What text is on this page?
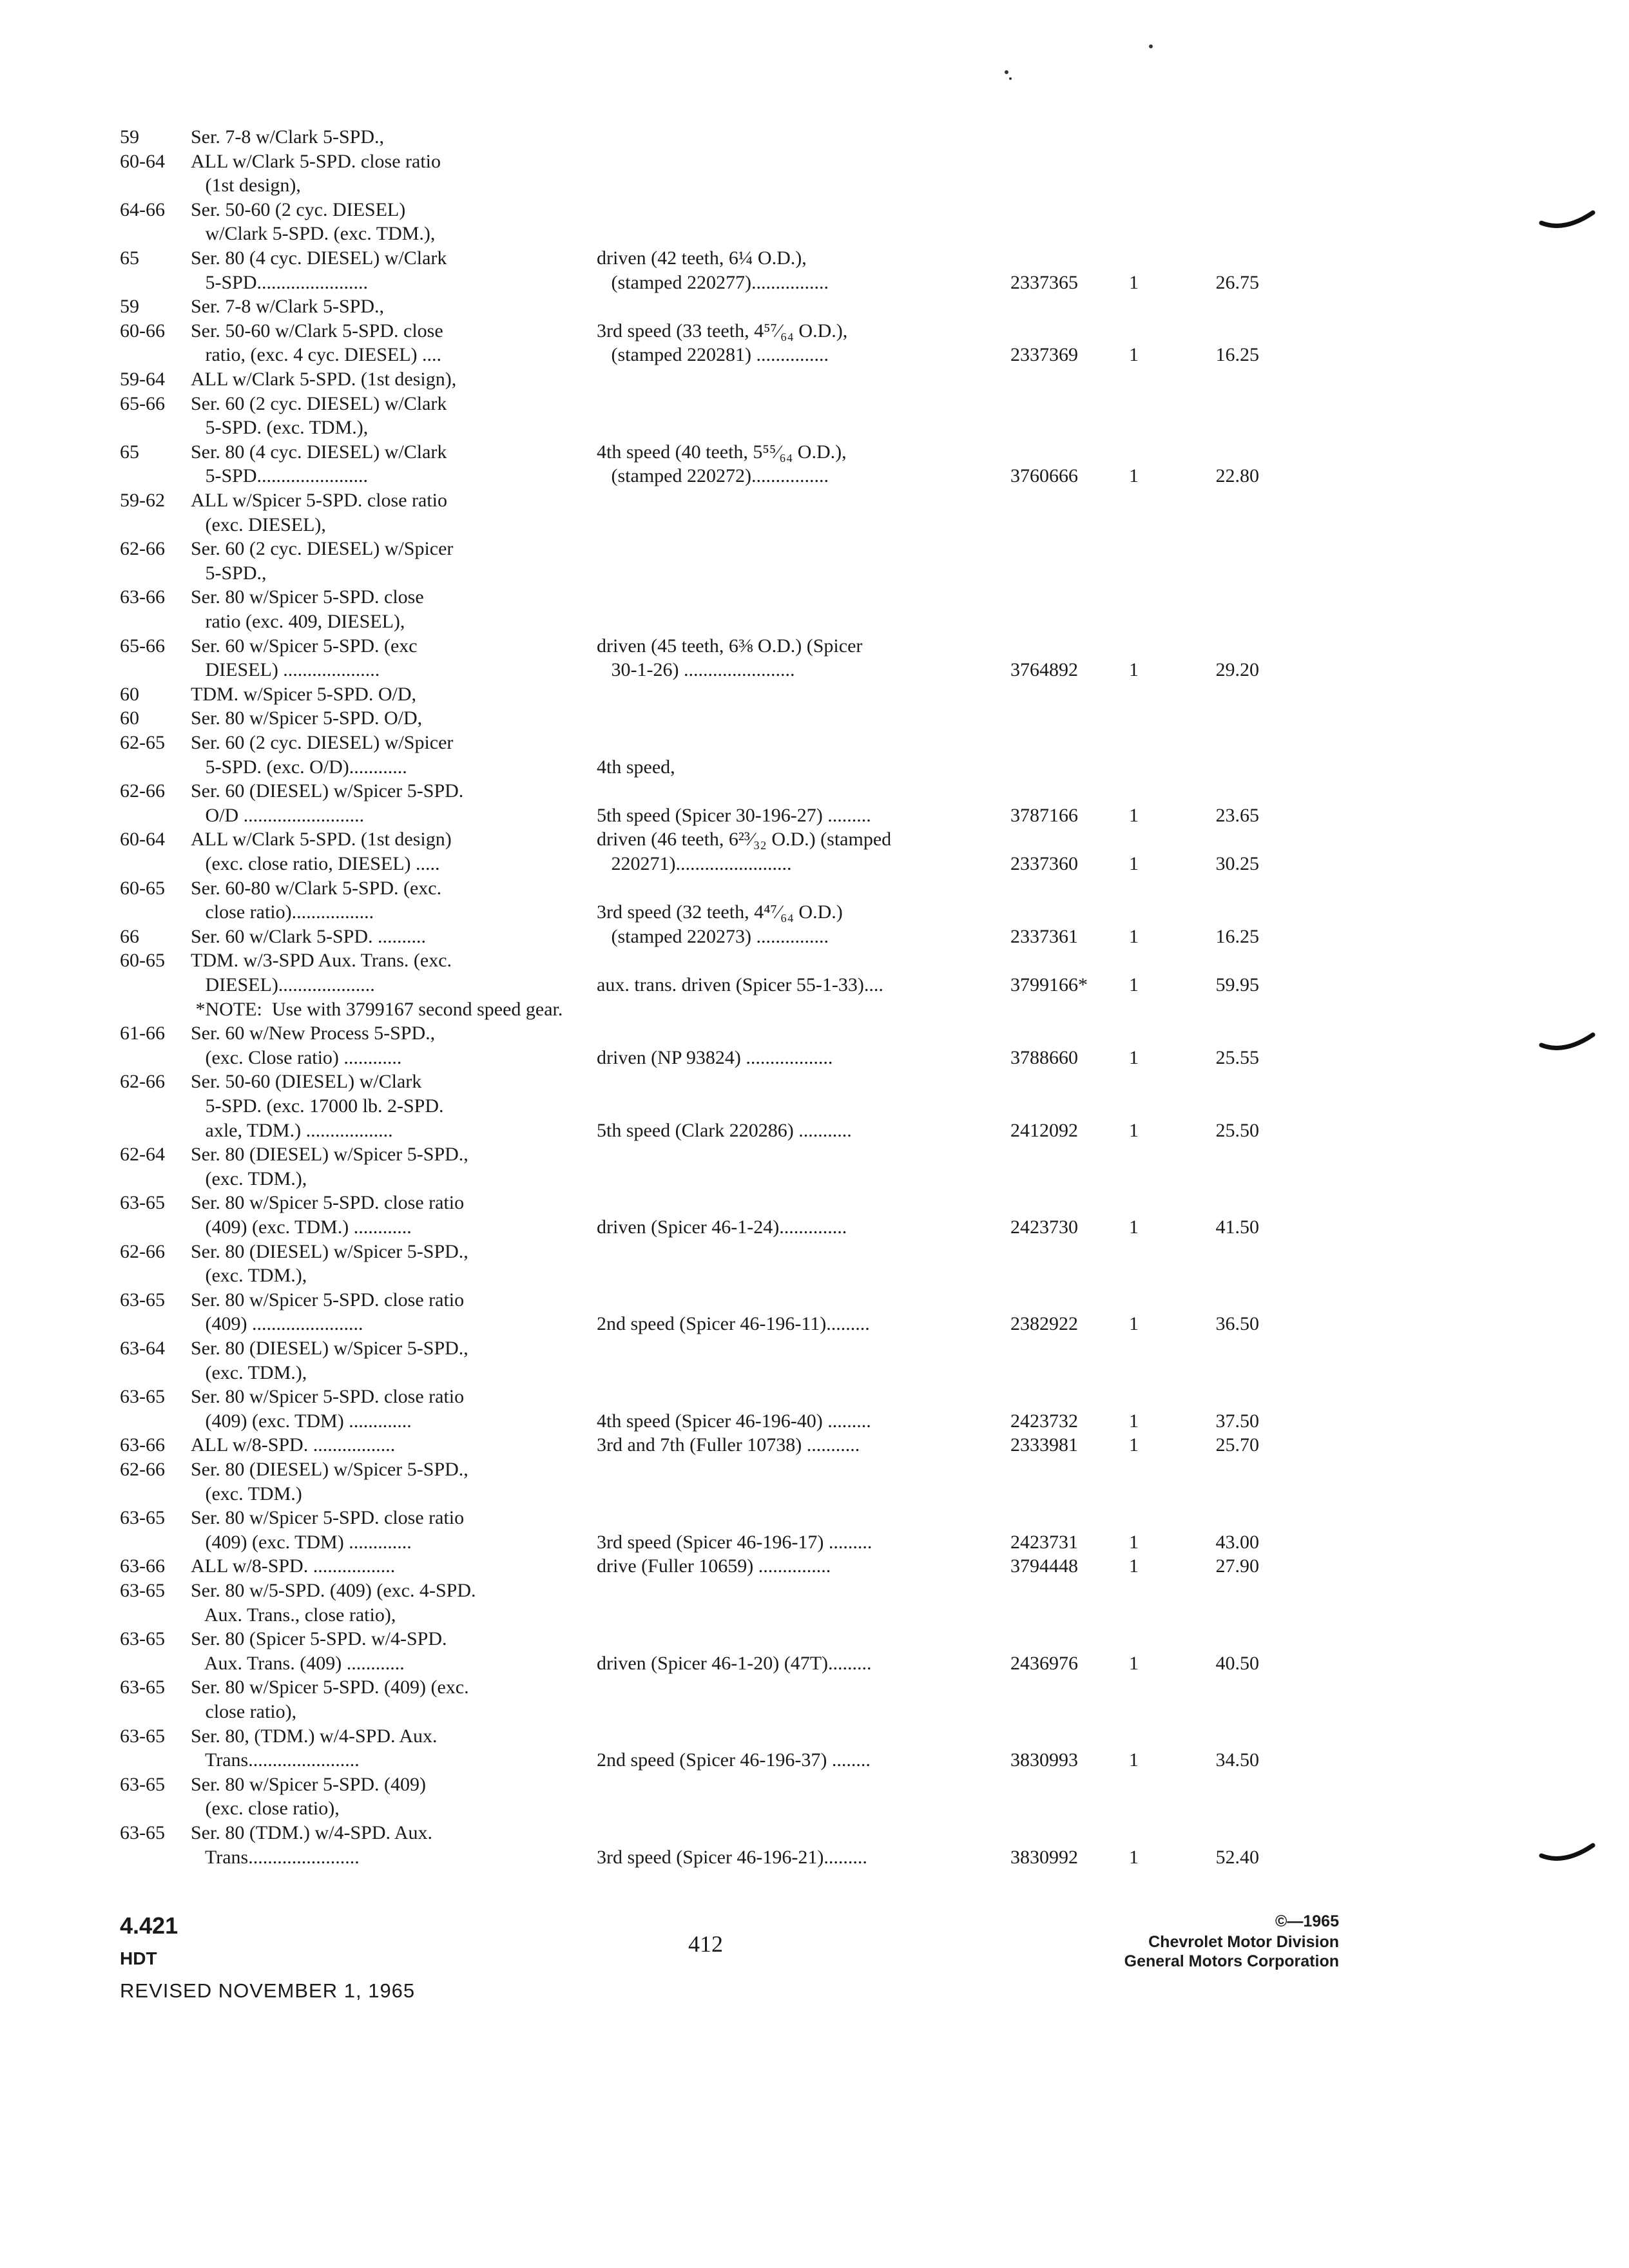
59	Ser. 7-8 w/Clark 5-SPD.,
60-64 ALL w/Clark 5-SPD. close ratio
(1st design),
64-66 Ser. 50-60 (2 cyc. DIESEL)
w/Clark 5-SPD. (exc. TDM.),
65	Ser. 80 (4 cyc. DIESEL) w/Clark	driven (42 teeth, 6¼ O.D.),
5-SPD.......................	(stamped 220277)................	2337365	1	26.75
59	Ser. 7-8 w/Clark 5-SPD.,
60-66 Ser. 50-60 w/Clark 5-SPD. close	3rd speed (33 teeth, 4⁵⁷⁄₆₄ O.D.),
ratio, (exc. 4 cyc. DIESEL) ....	(stamped 220281) ...............	2337369	1	16.25
59-64 ALL w/Clark 5-SPD. (1st design),
65-66 Ser. 60 (2 cyc. DIESEL) w/Clark
5-SPD. (exc. TDM.),
65	Ser. 80 (4 cyc. DIESEL) w/Clark	4th speed (40 teeth, 5⁵⁵⁄₆₄ O.D.),
5-SPD.......................	(stamped 220272)................	3760666	1	22.80
59-62 ALL w/Spicer 5-SPD. close ratio
(exc. DIESEL),
62-66 Ser. 60 (2 cyc. DIESEL) w/Spicer
5-SPD.,
63-66 Ser. 80 w/Spicer 5-SPD. close
ratio (exc. 409, DIESEL),
65-66 Ser. 60 w/Spicer 5-SPD. (exc	driven (45 teeth, 6⅜ O.D.) (Spicer
DIESEL) ....................	30-1-26) .......................	3764892	1	29.20
60	TDM. w/Spicer 5-SPD. O/D,
60	Ser. 80 w/Spicer 5-SPD. O/D,
62-65 Ser. 60 (2 cyc. DIESEL) w/Spicer
5-SPD. (exc. O/D)............	4th speed,
62-66 Ser. 60 (DIESEL) w/Spicer 5-SPD.
O/D .........................	5th speed (Spicer 30-196-27) .........	3787166	1	23.65
60-64 ALL w/Clark 5-SPD. (1st design)	driven (46 teeth, 6²³⁄₃₂ O.D.) (stamped
(exc. close ratio, DIESEL) .....	220271)........................	2337360	1	30.25
60-65 Ser. 60-80 w/Clark 5-SPD. (exc.
close ratio).................	3rd speed (32 teeth, 4⁴⁷⁄₆₄ O.D.)
66	Ser. 60 w/Clark 5-SPD. ..........	(stamped 220273) ...............	2337361	1	16.25
60-65 TDM. w/3-SPD Aux. Trans. (exc.
DIESEL)....................	aux. trans. driven (Spicer 55-1-33)....	3799166* 1	59.95
*NOTE:  Use with 3799167 second speed gear.
61-66 Ser. 60 w/New Process 5-SPD.,
(exc. Close ratio) ............	driven (NP 93824) ..................	3788660	1	25.55
62-66 Ser. 50-60 (DIESEL) w/Clark
5-SPD. (exc. 17000 lb. 2-SPD.
axle, TDM.) ..................	5th speed (Clark 220286) ...........	2412092	1	25.50
62-64 Ser. 80 (DIESEL) w/Spicer 5-SPD.,
(exc. TDM.),
63-65 Ser. 80 w/Spicer 5-SPD. close ratio
(409) (exc. TDM.) ............	driven (Spicer 46-1-24)..............	2423730	1	41.50
62-66 Ser. 80 (DIESEL) w/Spicer 5-SPD.,
(exc. TDM.),
63-65 Ser. 80 w/Spicer 5-SPD. close ratio
(409) .......................	2nd speed (Spicer 46-196-11).........	2382922	1	36.50
63-64 Ser. 80 (DIESEL) w/Spicer 5-SPD.,
(exc. TDM.),
63-65 Ser. 80 w/Spicer 5-SPD. close ratio
(409) (exc. TDM) .............	4th speed (Spicer 46-196-40) .........	2423732	1	37.50
63-66 ALL w/8-SPD. .................	3rd and 7th (Fuller 10738) ...........	2333981	1	25.70
62-66 Ser. 80 (DIESEL) w/Spicer 5-SPD.,
(exc. TDM.)
63-65 Ser. 80 w/Spicer 5-SPD. close ratio
(409) (exc. TDM) .............	3rd speed (Spicer 46-196-17) .........	2423731	1	43.00
63-66 ALL w/8-SPD. .................	drive (Fuller 10659) ...............	3794448	1	27.90
63-65 Ser. 80 w/5-SPD. (409) (exc. 4-SPD.
Aux. Trans., close ratio),
63-65 Ser. 80 (Spicer 5-SPD. w/4-SPD.
Aux. Trans. (409) ............	driven (Spicer 46-1-20) (47T).........	2436976	1	40.50
63-65 Ser. 80 w/Spicer 5-SPD. (409) (exc.
close ratio),
63-65 Ser. 80, (TDM.) w/4-SPD. Aux.
Trans.......................	2nd speed (Spicer 46-196-37) ........	3830993	1	34.50
63-65 Ser. 80 w/Spicer 5-SPD. (409)
(exc. close ratio),
63-65 Ser. 80 (TDM.) w/4-SPD. Aux.
Trans.......................	3rd speed (Spicer 46-196-21).........	3830992	1	52.40
4.421
HDT
REVISED NOVEMBER 1, 1965
412
©—1965
Chevrolet Motor Division
General Motors Corporation
